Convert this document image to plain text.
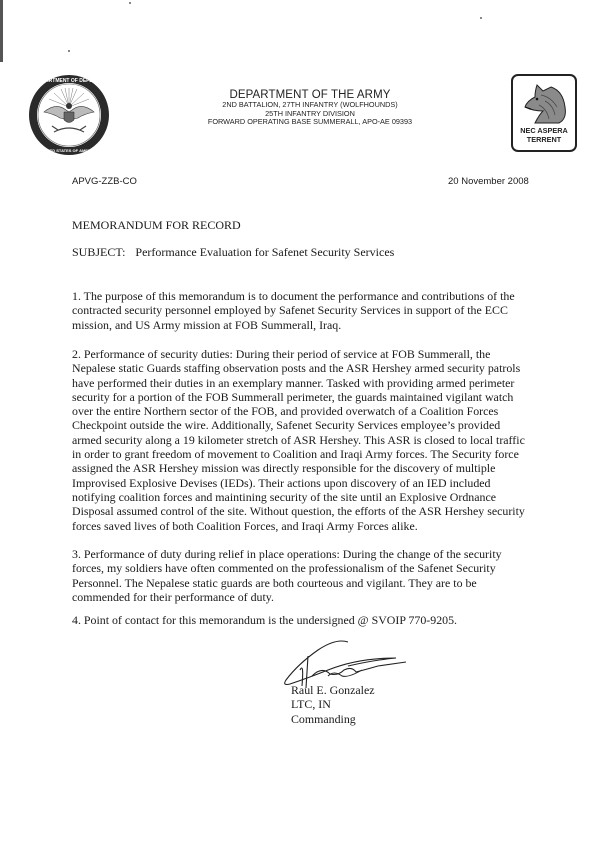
DEPARTMENT OF DEFENSE
UNITED STATES OF AMERICA
DEPARTMENT OF THE ARMY
2ND BATTALION, 27TH INFANTRY (WOLFHOUNDS)
25TH INFANTRY DIVISION
FORWARD OPERATING BASE SUMMERALL, APO-AE 09393
NEC ASPERA
TERRENT
APVG-ZZB-CO	20 November 2008
MEMORANDUM FOR RECORD
SUBJECT: Performance Evaluation for Safenet Security Services
1. The purpose of this memorandum is to document the performance and contributions of the
contracted security personnel employed by Safenet Security Services in support of the ECC
mission, and US Army mission at FOB Summerall, Iraq.
2. Performance of security duties: During their period of service at FOB Summerall, the
Nepalese static Guards staffing observation posts and the ASR Hershey armed security patrols
have performed their duties in an exemplary manner. Tasked with providing armed perimeter
security for a portion of the FOB Summerall perimeter, the guards maintained vigilant watch
over the entire Northern sector of the FOB, and provided overwatch of a Coalition Forces
Checkpoint outside the wire. Additionally, Safenet Security Services employee’s provided
armed security along a 19 kilometer stretch of ASR Hershey. This ASR is closed to local traffic
in order to grant freedom of movement to Coalition and Iraqi Army forces. The Security force
assigned the ASR Hershey mission was directly responsible for the discovery of multiple
Improvised Explosive Devises (IEDs). Their actions upon discovery of an IED included
notifying coalition forces and maintining security of the site until an Explosive Ordnance
Disposal assumed control of the site. Without question, the efforts of the ASR Hershey security
forces saved lives of both Coalition Forces, and Iraqi Army Forces alike.
3. Performance of duty during relief in place operations: During the change of the security
forces, my soldiers have often commented on the professionalism of the Safenet Security
Personnel. The Nepalese static guards are both courteous and vigilant. They are to be
commended for their performance of duty.
4. Point of contact for this memorandum is the undersigned @ SVOIP 770-9205.
Raul E. Gonzalez
LTC, IN
Commanding
